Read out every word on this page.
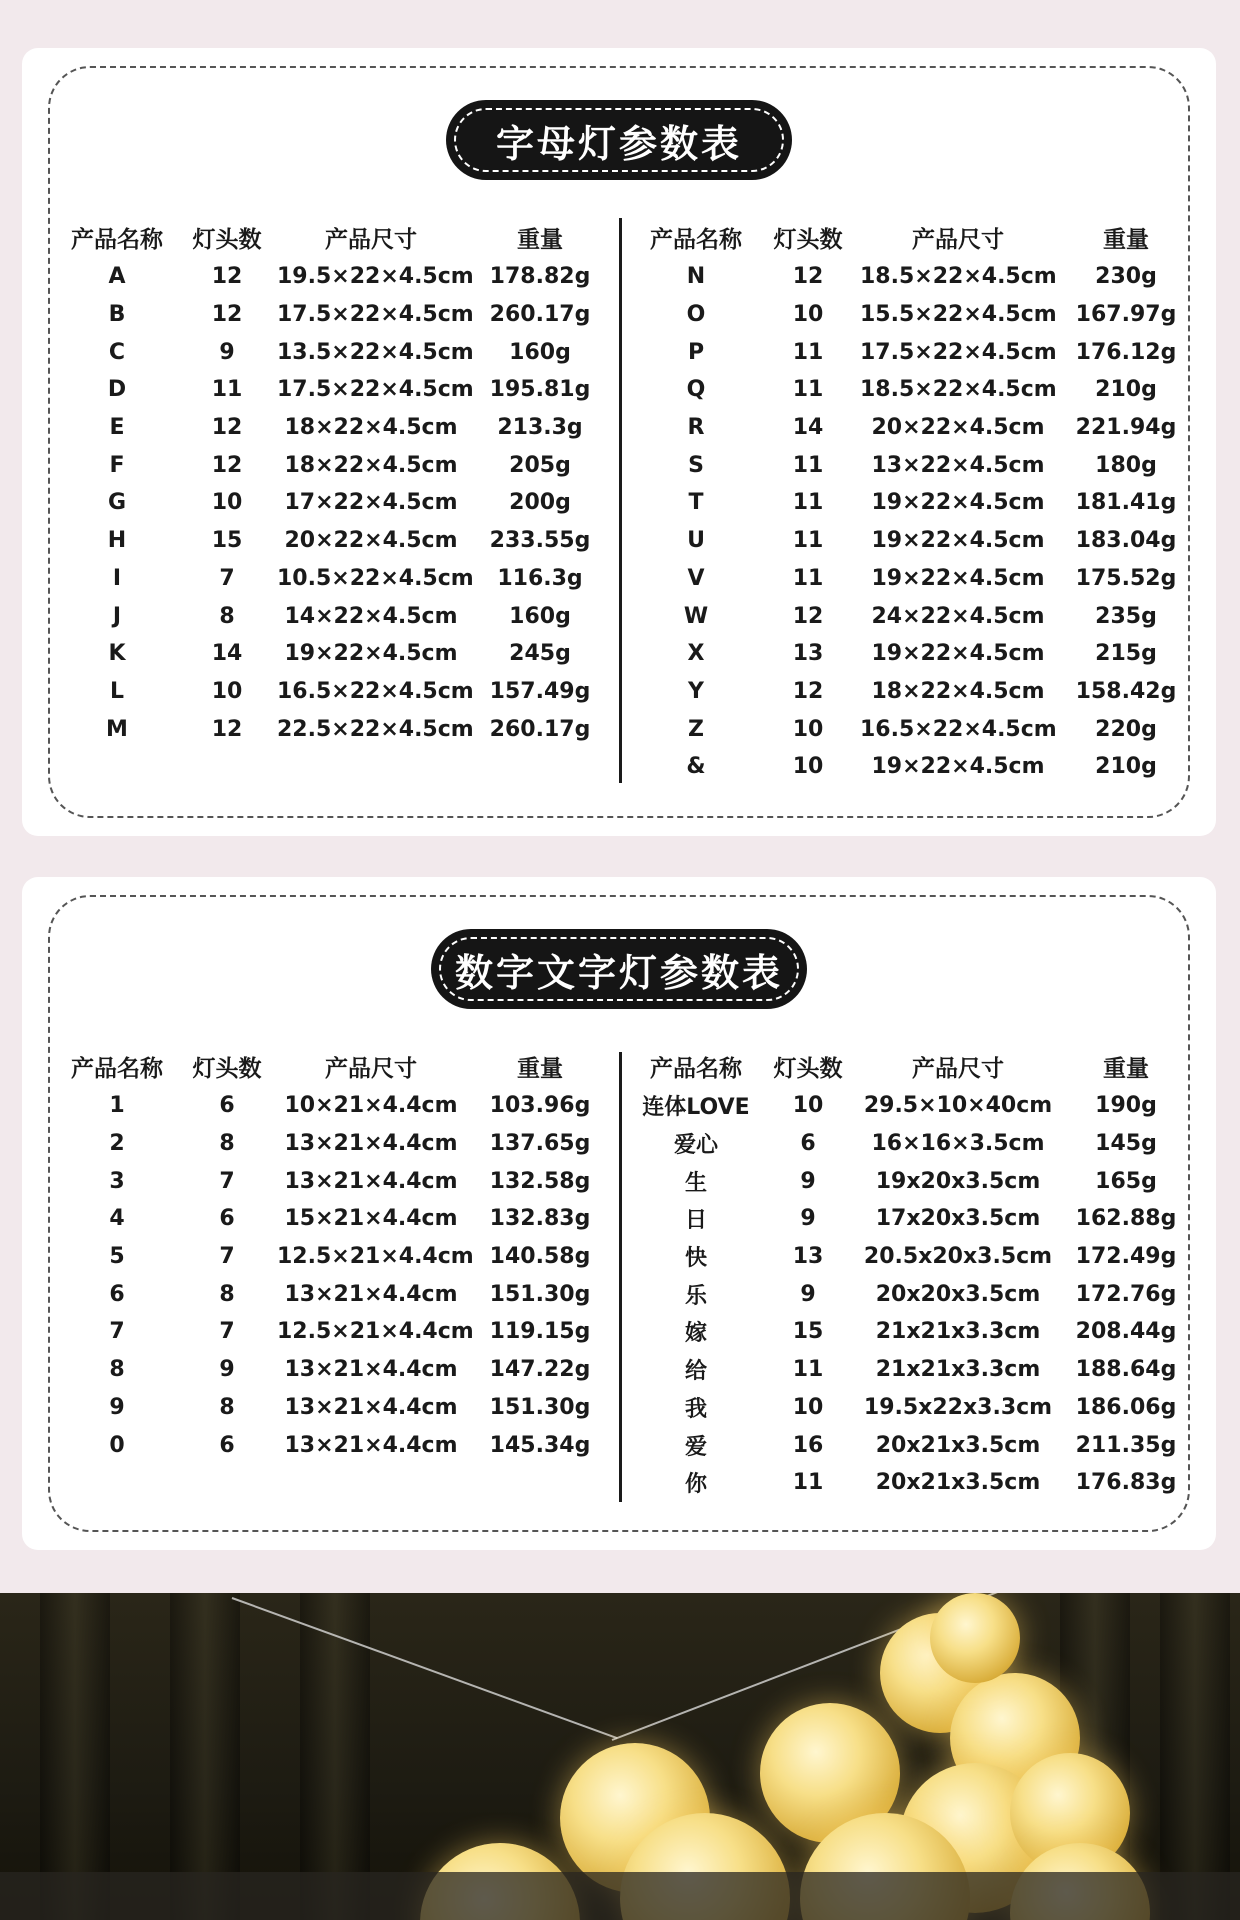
字母灯参数表
产品名称	灯头数	产品尺寸	重量
A	12	19.5×22×4.5cm 178.82g
B	12	17.5×22×4.5cm 260.17g
C	9	13.5×22×4.5cm	160g
D	11	17.5×22×4.5cm 195.81g
E	12	18×22×4.5cm	213.3g
F	12	18×22×4.5cm	205g
G	10	17×22×4.5cm	200g
H	15	20×22×4.5cm	233.55g
I	7	10.5×22×4.5cm	116.3g
J	8	14×22×4.5cm	160g
K	14	19×22×4.5cm	245g
L	10	16.5×22×4.5cm 157.49g
M	12	22.5×22×4.5cm 260.17g
产品名称	灯头数	产品尺寸	重量
N	12	18.5×22×4.5cm	230g
O	10	15.5×22×4.5cm 167.97g
P	11	17.5×22×4.5cm 176.12g
Q	11	18.5×22×4.5cm	210g
R	14	20×22×4.5cm	221.94g
S	11	13×22×4.5cm	180g
T	11	19×22×4.5cm	181.41g
U	11	19×22×4.5cm	183.04g
V	11	19×22×4.5cm	175.52g
W	12	24×22×4.5cm	235g
X	13	19×22×4.5cm	215g
Y	12	18×22×4.5cm	158.42g
Z	10	16.5×22×4.5cm	220g
&	10	19×22×4.5cm	210g
数字文字灯参数表
产品名称	灯头数	产品尺寸	重量
1	6	10×21×4.4cm	103.96g
2	8	13×21×4.4cm	137.65g
3	7	13×21×4.4cm	132.58g
4	6	15×21×4.4cm	132.83g
5	7	12.5×21×4.4cm 140.58g
6	8	13×21×4.4cm	151.30g
7	7	12.5×21×4.4cm 119.15g
8	9	13×21×4.4cm	147.22g
9	8	13×21×4.4cm	151.30g
0	6	13×21×4.4cm	145.34g
产品名称	灯头数	产品尺寸	重量
连体LOVE	10	29.5×10×40cm	190g
爱心	6	16×16×3.5cm	145g
生	9	19x20x3.5cm	165g
日	9	17x20x3.5cm	162.88g
快	13	20.5x20x3.5cm	172.49g
乐	9	20x20x3.5cm	172.76g
嫁	15	21x21x3.3cm	208.44g
给	11	21x21x3.3cm	188.64g
我	10	19.5x22x3.3cm	186.06g
爱	16	20x21x3.5cm	211.35g
你	11	20x21x3.5cm	176.83g
